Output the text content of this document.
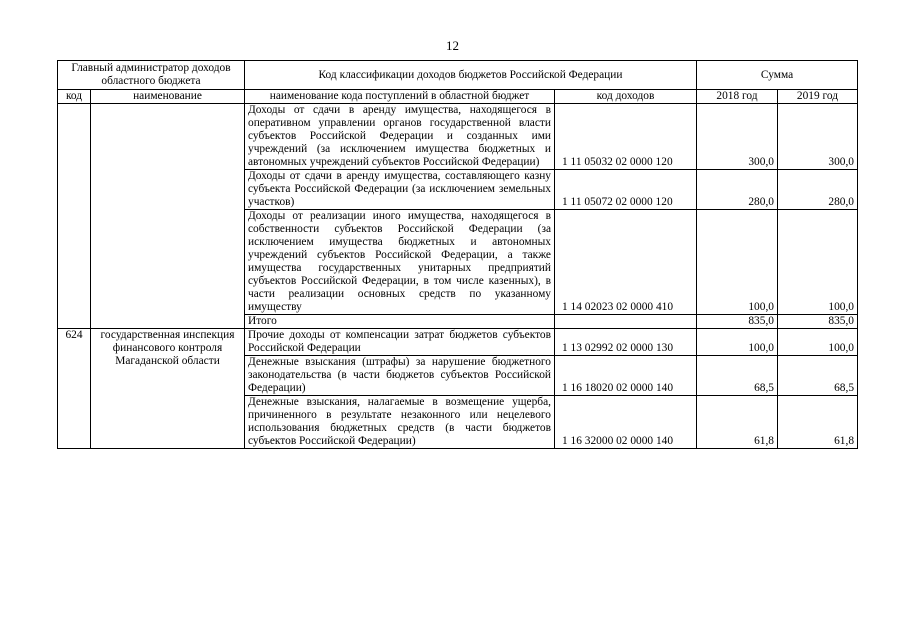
12
Главный администратор доходов областного бюджета		Код классификации доходов бюджетов Российской Федерации		Сумма	
код	наименование	наименование кода поступлений в областной бюджет	код доходов	2018 год	2019 год
		Доходы от сдачи в аренду имущества, находящегося в оперативном управлении органов государственной власти субъектов Российской Федерации и созданных ими учреждений (за исключением имущества бюджетных и автономных учреждений субъектов Российской Федерации)	1 11 05032 02 0000 120	300,0	300,0
		Доходы от сдачи в аренду имущества, составляющего казну субъекта Российской Федерации (за исключением земельных участков)	1 11 05072 02 0000 120	280,0	280,0
		Доходы от реализации иного имущества, находящегося в собственности субъектов Российской Федерации (за исключением имущества бюджетных и автономных учреждений субъектов Российской Федерации, а также имущества государственных унитарных предприятий субъектов Российской Федерации, в том числе казенных), в части реализации основных средств по указанному имуществу	1 14 02023 02 0000 410	100,0	100,0
		Итого		835,0	835,0
624	государственная инспекция финансового контроля Магаданской области	Прочие доходы от компенсации затрат бюджетов субъектов Российской Федерации	1 13 02992 02 0000 130	100,0	100,0
		Денежные взыскания (штрафы) за нарушение бюджетного законодательства (в части бюджетов субъектов Российской Федерации)	1 16 18020 02 0000 140	68,5	68,5
		Денежные взыскания, налагаемые в возмещение ущерба, причиненного в результате незаконного или нецелевого использования бюджетных средств (в части бюджетов субъектов Российской Федерации)	1 16 32000 02 0000 140	61,8	61,8
